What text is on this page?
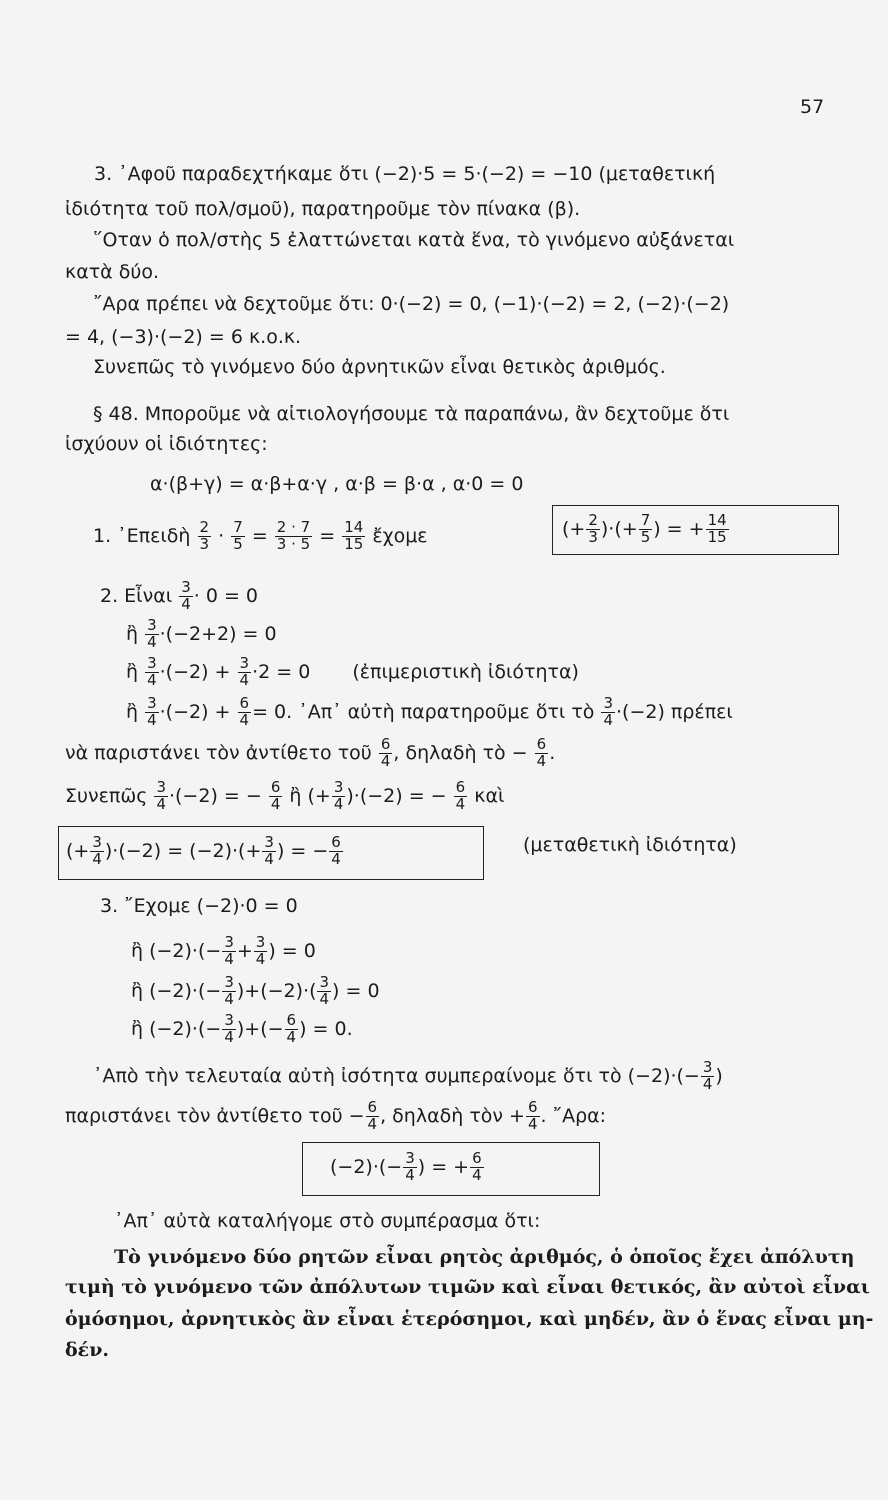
57
3. ᾽Αφοῦ παραδεχτήκαμε ὅτι (−2)·5 = 5·(−2) = −10 (μεταθετική
ἰδιότητα τοῦ πολ/σμοῦ), παρατηροῦμε τὸν πίνακα (β).
῞Οταν ὁ πολ/στὴς 5 ἐλαττώνεται κατὰ ἕνα, τὸ γινόμενο αὐξάνεται
κατὰ δύο.
῎Αρα πρέπει νὰ δεχτοῦμε ὅτι: 0·(−2) = 0, (−1)·(−2) = 2, (−2)·(−2)
= 4, (−3)·(−2) = 6 κ.ο.κ.
Συνεπῶς τὸ γινόμενο δύο ἀρνητικῶν εἶναι θετικὸς ἀριθμός.
§ 48. Μποροῦμε νὰ αἰτιολογήσουμε τὰ παραπάνω, ἂν δεχτοῦμε ὅτι
ἰσχύουν οἱ ἰδιότητες:
α·(β+γ) = α·β+α·γ , α·β = β·α , α·0 = 0
1. ᾽Επειδὴ $\frac{2}{3} \cdot \frac{7}{5} = \frac{2 \cdot 7}{3 \cdot 5} = \frac{14}{15}$ ἔχομε	(+ $\frac{2}{3}$ )·(+ $\frac{7}{5}$ ) = + $\frac{14}{15}$
2. Εἶναι $\frac{3}{4} \cdot 0 = 0$
ἢ $\frac{3}{4} \cdot(-2+2) = 0$
ἢ $\frac{3}{4} \cdot(-2) + \frac{3}{4} \cdot 2 = 0$ (ἐπιμεριστικὴ ἰδιότητα)
ἢ $\frac{3}{4} \cdot(-2) + \frac{6}{4} = 0$. ᾽Απ᾽ αὐτὴ παρατηροῦμε ὅτι τὸ $\frac{3}{4} \cdot(-2)$ πρέπει
νὰ παριστάνει τὸν ἀντίθετο τοῦ $\frac{6}{4}$ , δηλαδὴ τὸ − $\frac{6}{4}$ .
Συνεπῶς $\frac{3}{4} \cdot(-2)$ = − $\frac{6}{4}$ ἢ (+ $\frac{3}{4} )\cdot(-2)$ = − $\frac{6}{4}$ καὶ
(+ $\frac{3}{4} )\cdot(-2) = (-2)\cdot(+ \frac{3}{4}$ ) = − $\frac{6}{4}$	(μεταθετικὴ ἰδιότητα)
3. ῎Εχομε (−2)·0 = 0
ἢ $(-2)\cdot(- \frac{3}{4} + \frac{3}{4}$ ) = 0
ἢ $(-2)\cdot(- \frac{3}{4} )+(-2)\cdot( \frac{3}{4}$ ) = 0
ἢ $(-2)\cdot(- \frac{3}{4}$ )+(− $\frac{6}{4}$ ) = 0.
᾽Απὸ τὴν τελευταία αὐτὴ ἰσότητα συμπεραίνομε ὅτι τὸ $(-2)\cdot(- \frac{3}{4}$ )
παριστάνει τὸν ἀντίθετο τοῦ − $\frac{6}{4}$ , δηλαδὴ τὸν + $\frac{6}{4}$ . ῎Αρα:
$(-2)\cdot(- \frac{3}{4}$ ) = + $\frac{6}{4}$
᾽Απ᾽ αὐτὰ καταλήγομε στὸ συμπέρασμα ὅτι:
Τὸ γινόμενο δύο ρητῶν εἶναι ρητὸς ἀριθμός, ὁ ὁποῖος ἔχει ἀπόλυτη
τιμὴ τὸ γινόμενο τῶν ἀπόλυτων τιμῶν καὶ εἶναι θετικός, ἂν αὐτοὶ εἶναι
ὁμόσημοι, ἀρνητικὸς ἂν εἶναι ἑτερόσημοι, καὶ μηδέν, ἂν ὁ ἕνας εἶναι μη-
δέν.
